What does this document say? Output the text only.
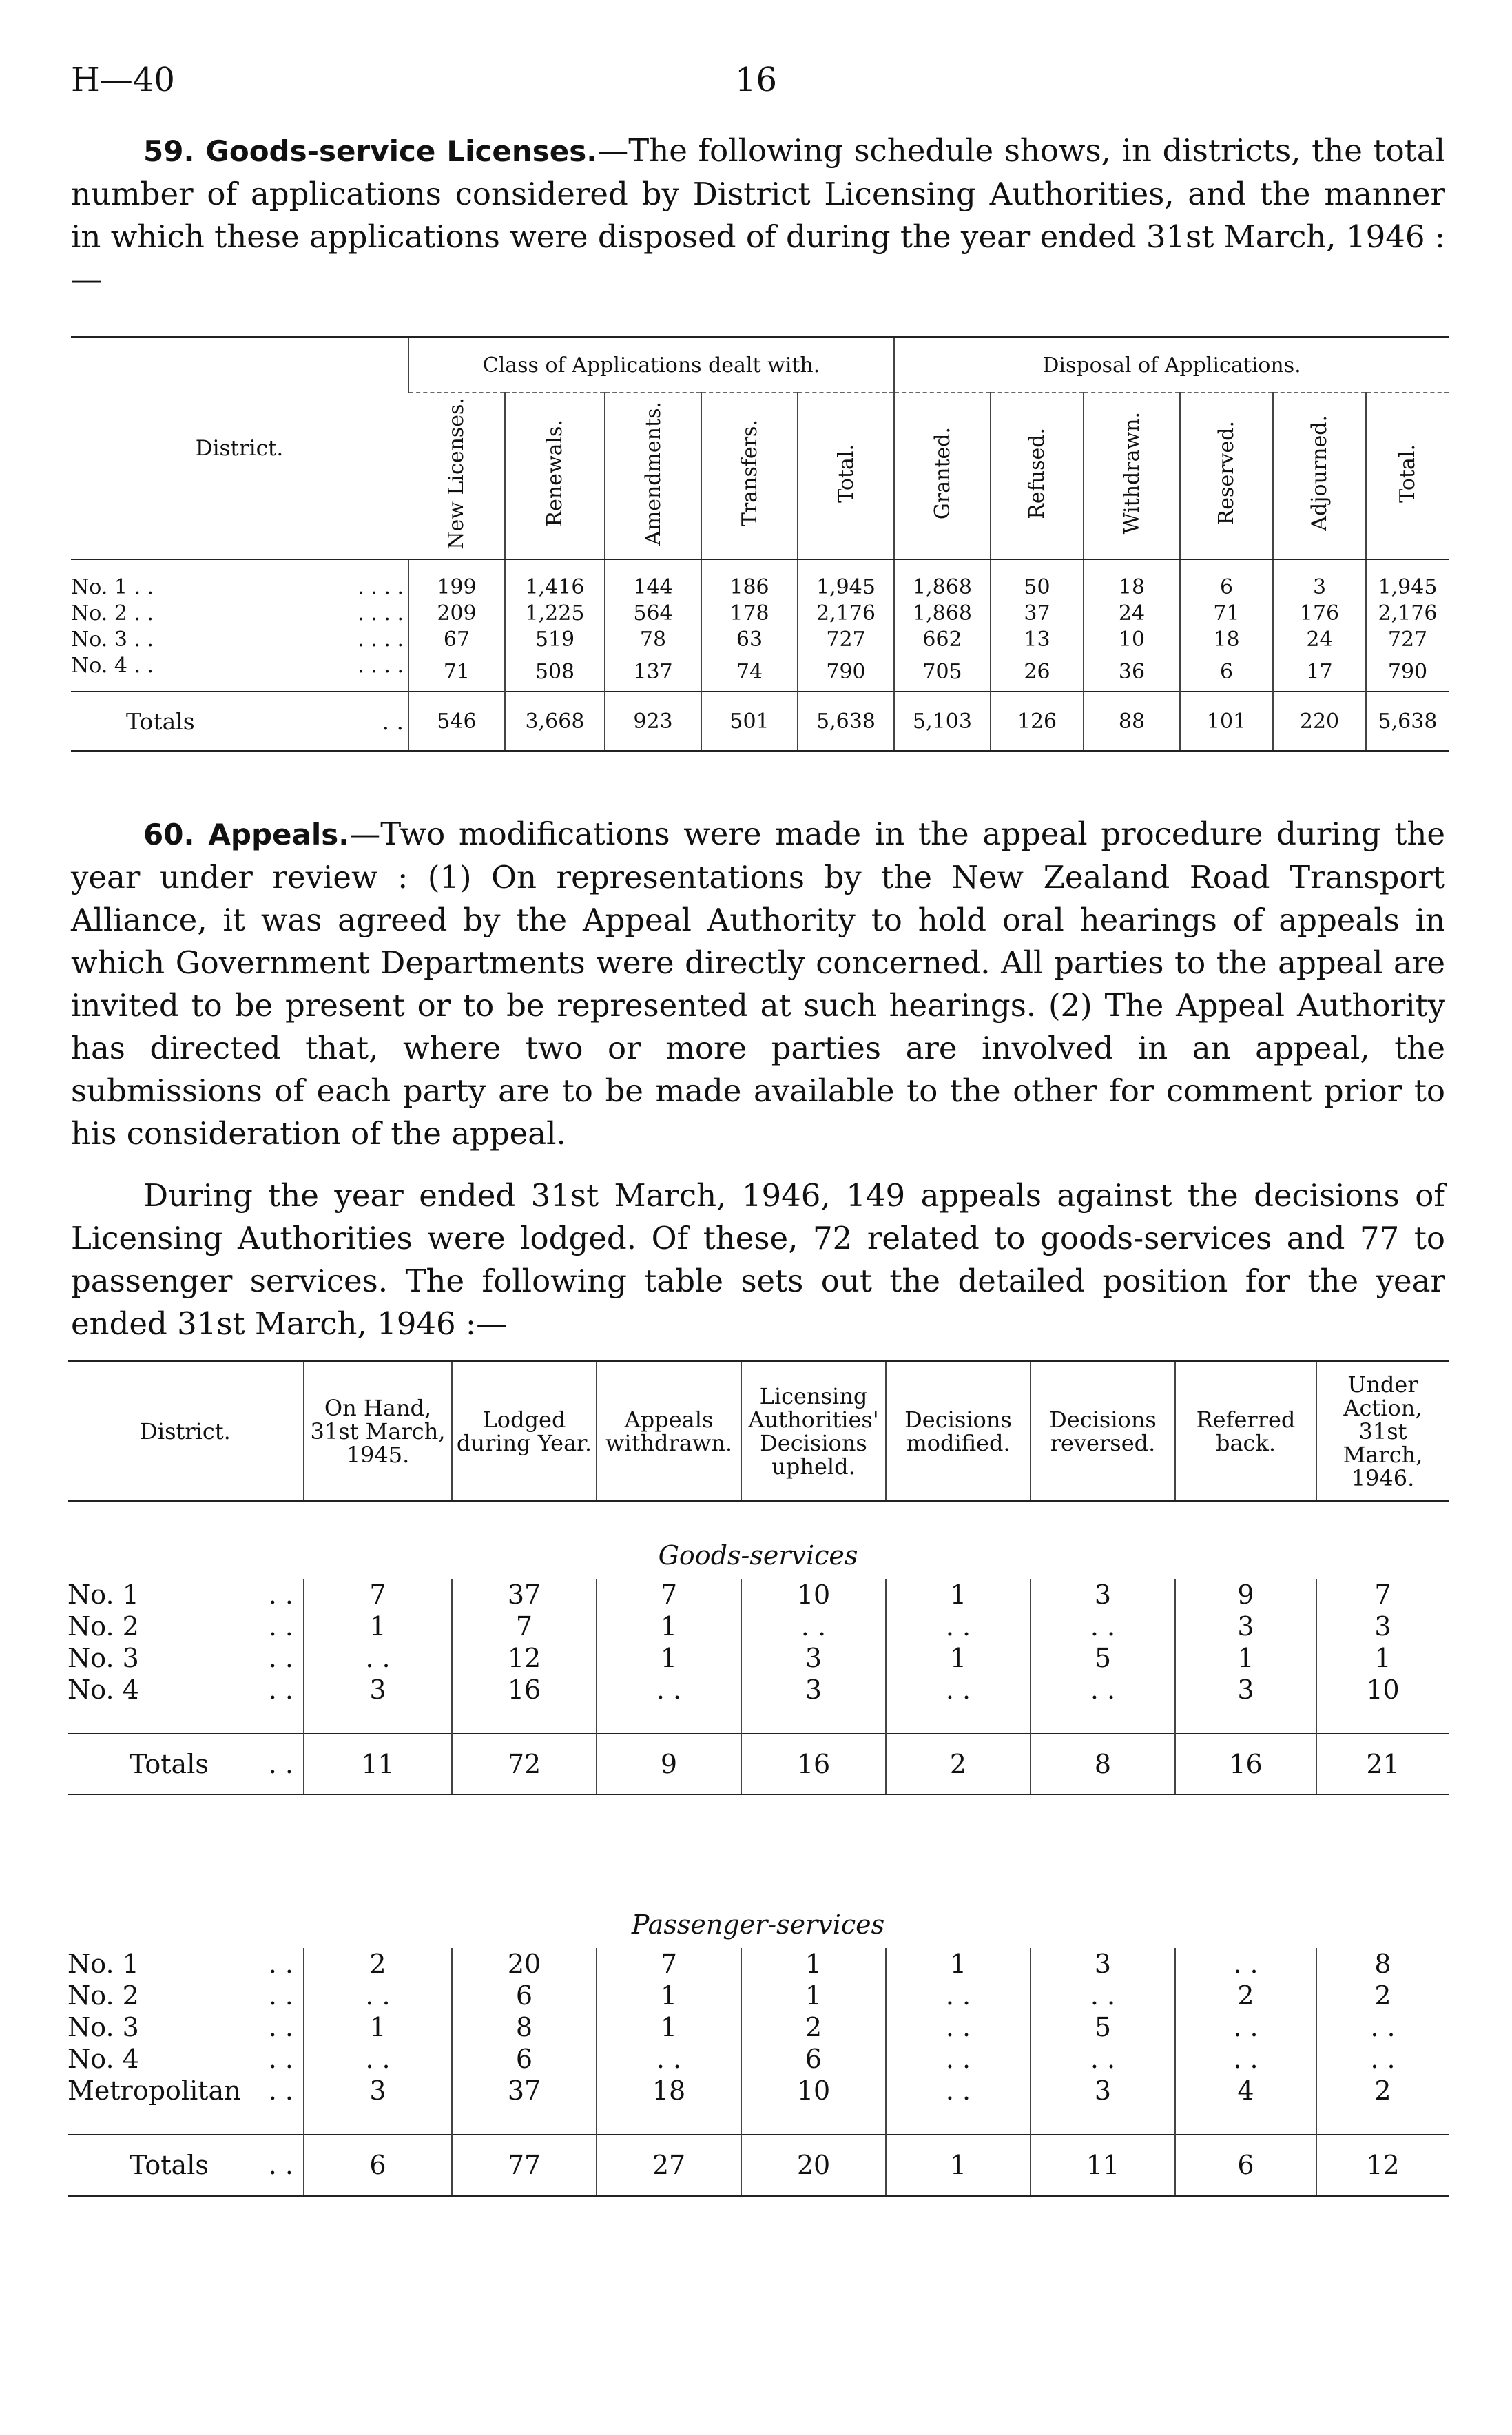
H—40	16

59. Goods-service Licenses.—The following schedule shows, in districts, the total number of applications considered by District Licensing Authorities, and the manner in which these applications were disposed of during the year ended 31st March, 1946 :—

District.	Class of Applications dealt with.					Disposal of Applications.					
	New Licenses.	Renewals.	Amendments.	Transfers.	Total.	Granted.	Refused.	Withdrawn.	Reserved.	Adjourned.	Total.
No. 1 . . . . . .	199	1,416	144	186	1,945	1,868	50	18	6	3	1,945
No. 2 . . . . . .	209	1,225	564	178	2,176	1,868	37	24	71	176	2,176
No. 3 . . . . . .	67	519	78	63	727	662	13	10	18	24	727
No. 4 . . . . . .	71	508	137	74	790	705	26	36	6	17	790
Totals . .	546	3,668	923	501	5,638	5,103	126	88	101	220	5,638

60. Appeals.—Two modifications were made in the appeal procedure during the year under review : (1) On representations by the New Zealand Road Transport Alliance, it was agreed by the Appeal Authority to hold oral hearings of appeals in which Government Departments were directly concerned. All parties to the appeal are invited to be present or to be represented at such hearings. (2) The Appeal Authority has directed that, where two or more parties are involved in an appeal, the submissions of each party are to be made available to the other for comment prior to his consideration of the appeal.

During the year ended 31st March, 1946, 149 appeals against the decisions of Licensing Authorities were lodged. Of these, 72 related to goods-services and 77 to passenger services. The following table sets out the detailed position for the year ended 31st March, 1946 :—

District.	On Hand, 31st March, 1945.	Lodged during Year.	Appeals withdrawn.	Licensing Authorities' Decisions upheld.	Decisions modified.	Decisions reversed.	Referred back.	Under Action, 31st March, 1946.
Goods-services								
No. 1 . .	7	37	7	10	1	3	9	7
No. 2 . .	1	7	1	. .	. .	. .	3	3
No. 3 . .	. .	12	1	3	1	5	1	1
No. 4 . .	3	16	. .	3	. .	. .	3	10

Totals . .	11	72	9	16	2	8	16	21

Passenger-services								
No. 1 . .	2	20	7	1	1	3	. .	8
No. 2 . .	. .	6	1	1	. .	. .	2	2
No. 3 . .	1	8	1	2	. .	5	. .	. .
No. 4 . .	. .	6	. .	6	. .	. .	. .	. .
Metropolitan . .	3	37	18	10	. .	3	4	2

Totals . .	6	77	27	20	1	11	6	12
